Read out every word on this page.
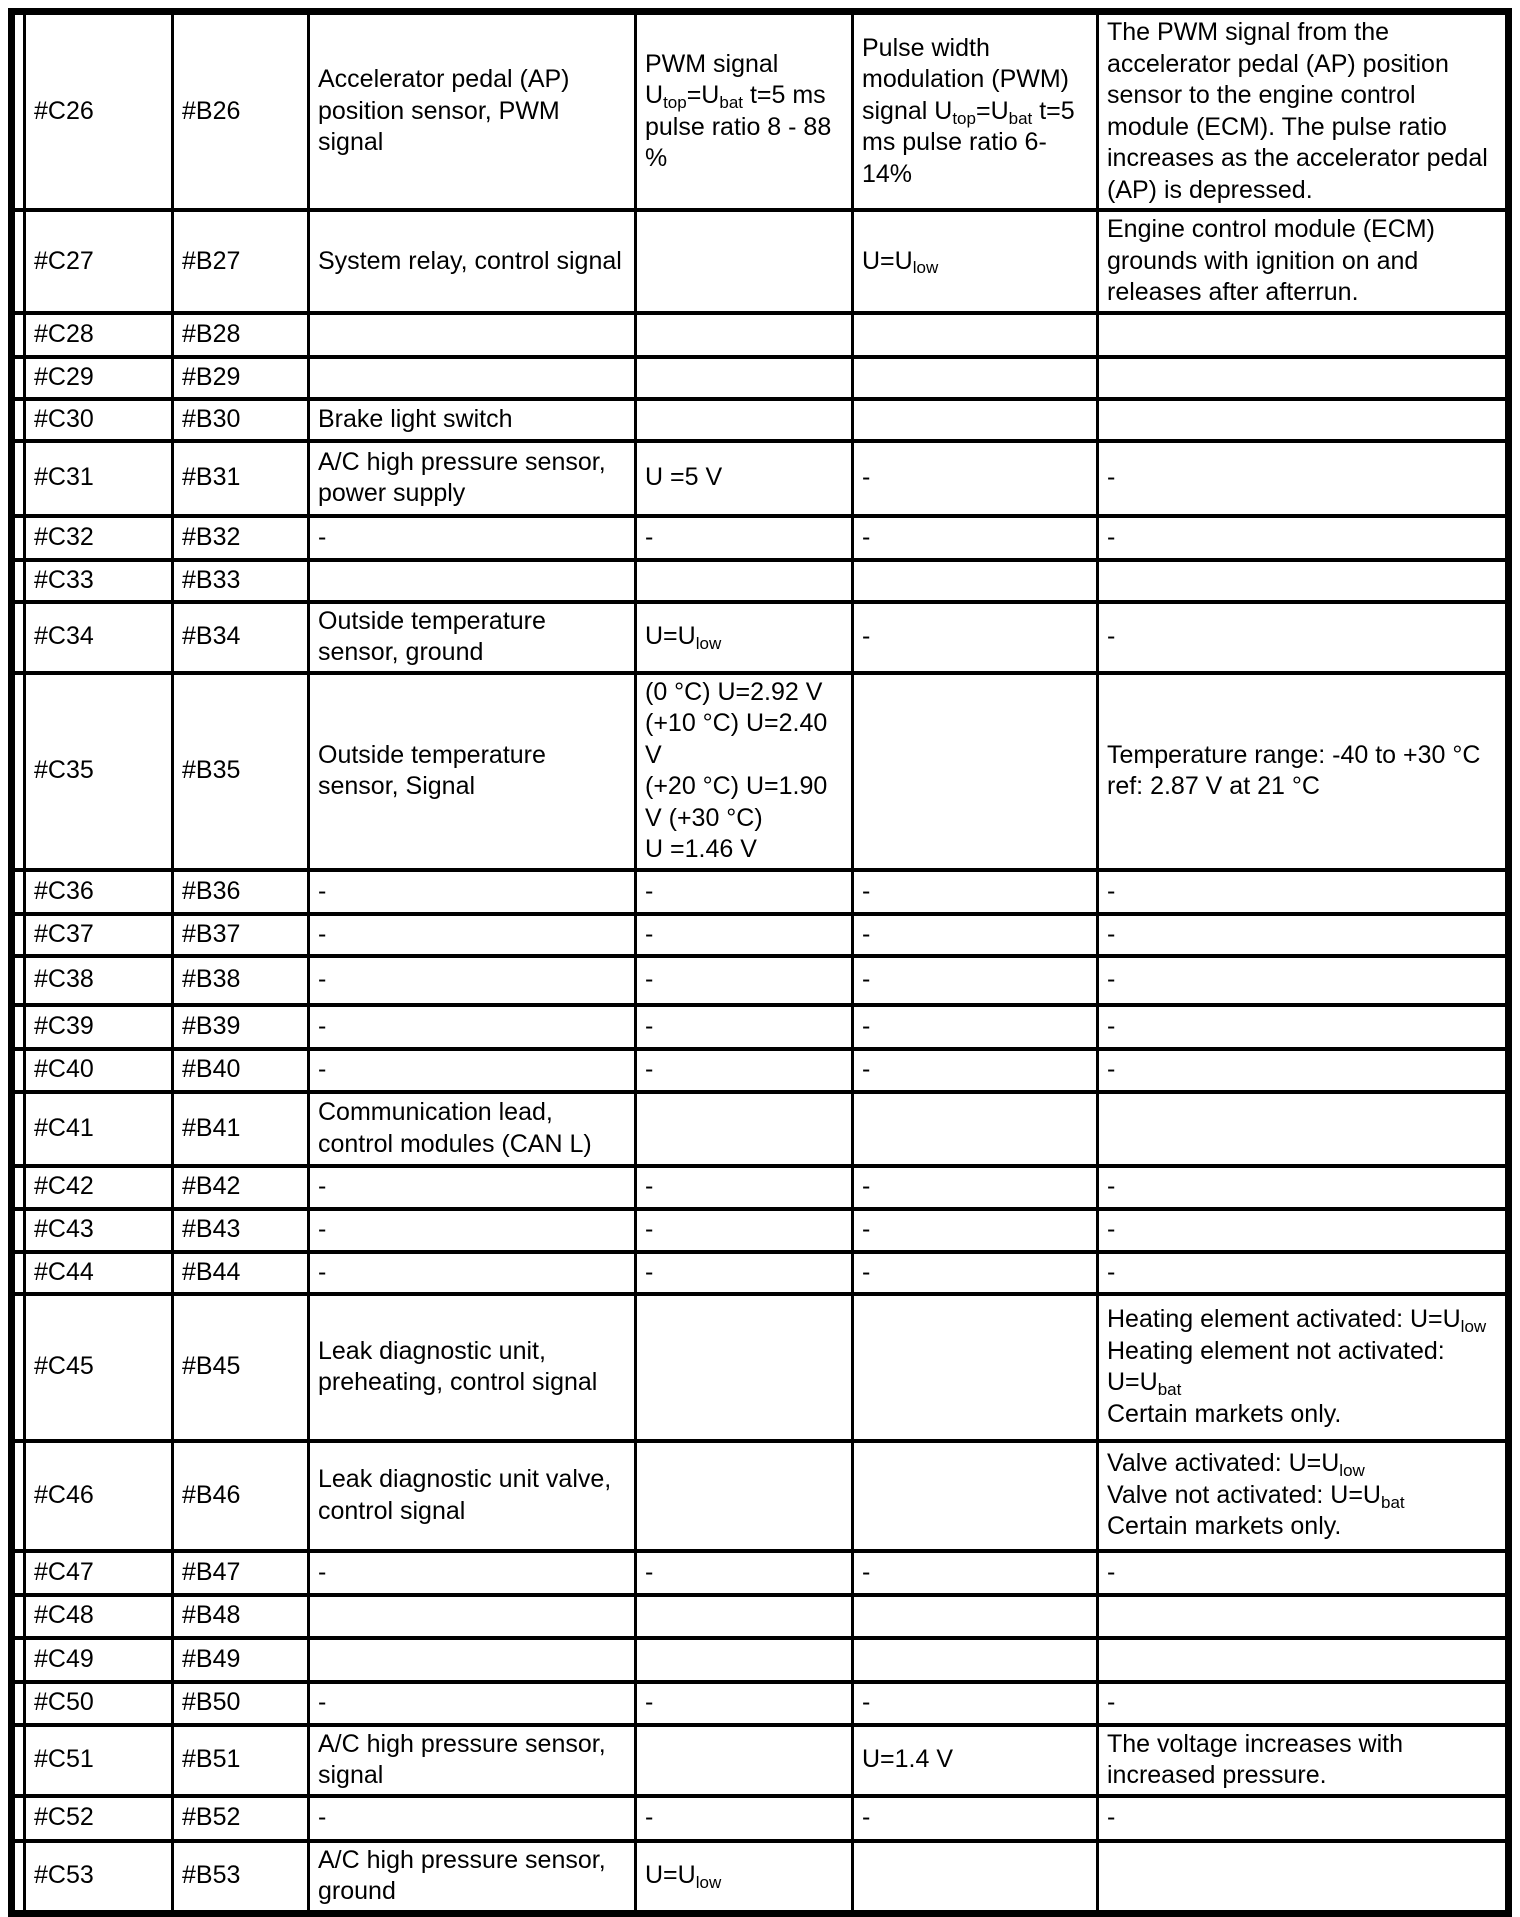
	#C26	#B26	Accelerator pedal (AP) position sensor, PWM signal	PWM signal $U_{top}=U_{bat}$ t=5 ms pulse ratio 8 - 88 %	Pulse width modulation (PWM) signal $U_{top}=U_{bat}$ t=5 ms pulse ratio 6-14%	The PWM signal from the accelerator pedal (AP) position sensor to the engine control module (ECM). The pulse ratio increases as the accelerator pedal (AP) is depressed.
	#C27	#B27	System relay, control signal		$U=U_{low}$	Engine control module (ECM) grounds with ignition on and releases after afterrun.
	#C28	#B28				
	#C29	#B29				
	#C30	#B30	Brake light switch			
	#C31	#B31	A/C high pressure sensor, power supply	U =5 V	-	-
	#C32	#B32	-	-	-	-
	#C33	#B33				
	#C34	#B34	Outside temperature sensor, ground	$U=U_{low}$	-	-
	#C35	#B35	Outside temperature sensor, Signal	(0 °C) U=2.92 V
(+10 °C) U=2.40
V
(+20 °C) U=1.90
V (+30 °C)
U =1.46 V		Temperature range: -40 to +30 °C
ref: 2.87 V at 21 °C
	#C36	#B36	-	-	-	-
	#C37	#B37	-	-	-	-
	#C38	#B38	-	-	-	-
	#C39	#B39	-	-	-	-
	#C40	#B40	-	-	-	-
	#C41	#B41	Communication lead, control modules (CAN L)			
	#C42	#B42	-	-	-	-
	#C43	#B43	-	-	-	-
	#C44	#B44	-	-	-	-
	#C45	#B45	Leak diagnostic unit, preheating, control signal			Heating element activated: $U=U_{low}$
Heating element not activated: $U=U_{bat}$
Certain markets only.
	#C46	#B46	Leak diagnostic unit valve, control signal			Valve activated: $U=U_{low}$
Valve not activated: $U=U_{bat}$
Certain markets only.
	#C47	#B47	-	-	-	-
	#C48	#B48				
	#C49	#B49				
	#C50	#B50	-	-	-	-
	#C51	#B51	A/C high pressure sensor, signal		U=1.4 V	The voltage increases with increased pressure.
	#C52	#B52	-	-	-	-
	#C53	#B53	A/C high pressure sensor, ground	$U=U_{low}$		
